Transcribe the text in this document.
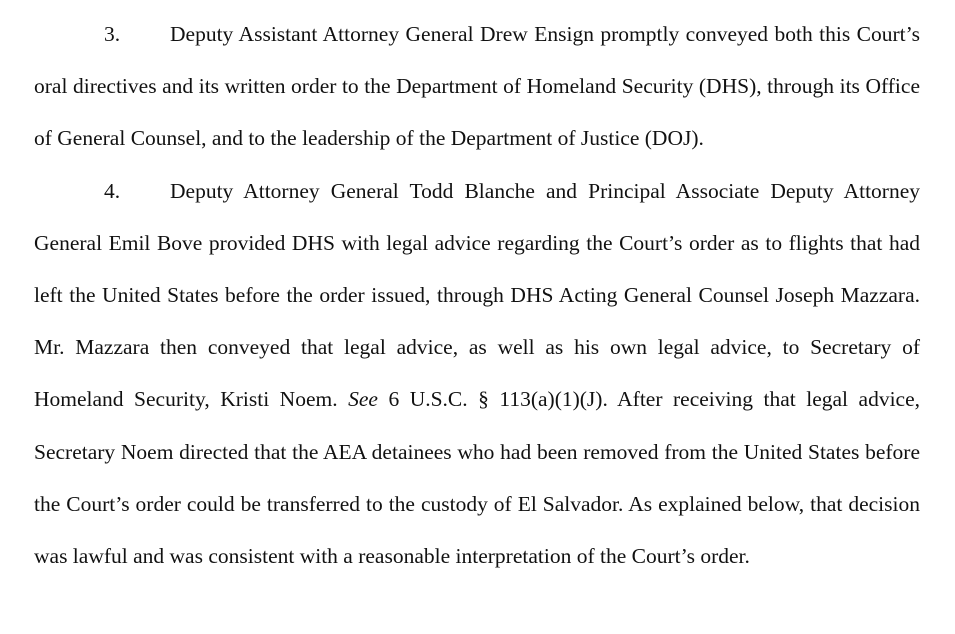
3. Deputy Assistant Attorney General Drew Ensign promptly conveyed both this Court’s oral directives and its written order to the Department of Homeland Security (DHS), through its Office of General Counsel, and to the leadership of the Department of Justice (DOJ).

4. Deputy Attorney General Todd Blanche and Principal Associate Deputy Attorney General Emil Bove provided DHS with legal advice regarding the Court’s order as to flights that had left the United States before the order issued, through DHS Acting General Counsel Joseph Mazzara. Mr. Mazzara then conveyed that legal advice, as well as his own legal advice, to Secretary of Homeland Security, Kristi Noem. See 6 U.S.C. § 113(a)(1)(J). After receiving that legal advice, Secretary Noem directed that the AEA detainees who had been removed from the United States before the Court’s order could be transferred to the custody of El Salvador. As explained below, that decision was lawful and was consistent with a reasonable interpretation of the Court’s order.
